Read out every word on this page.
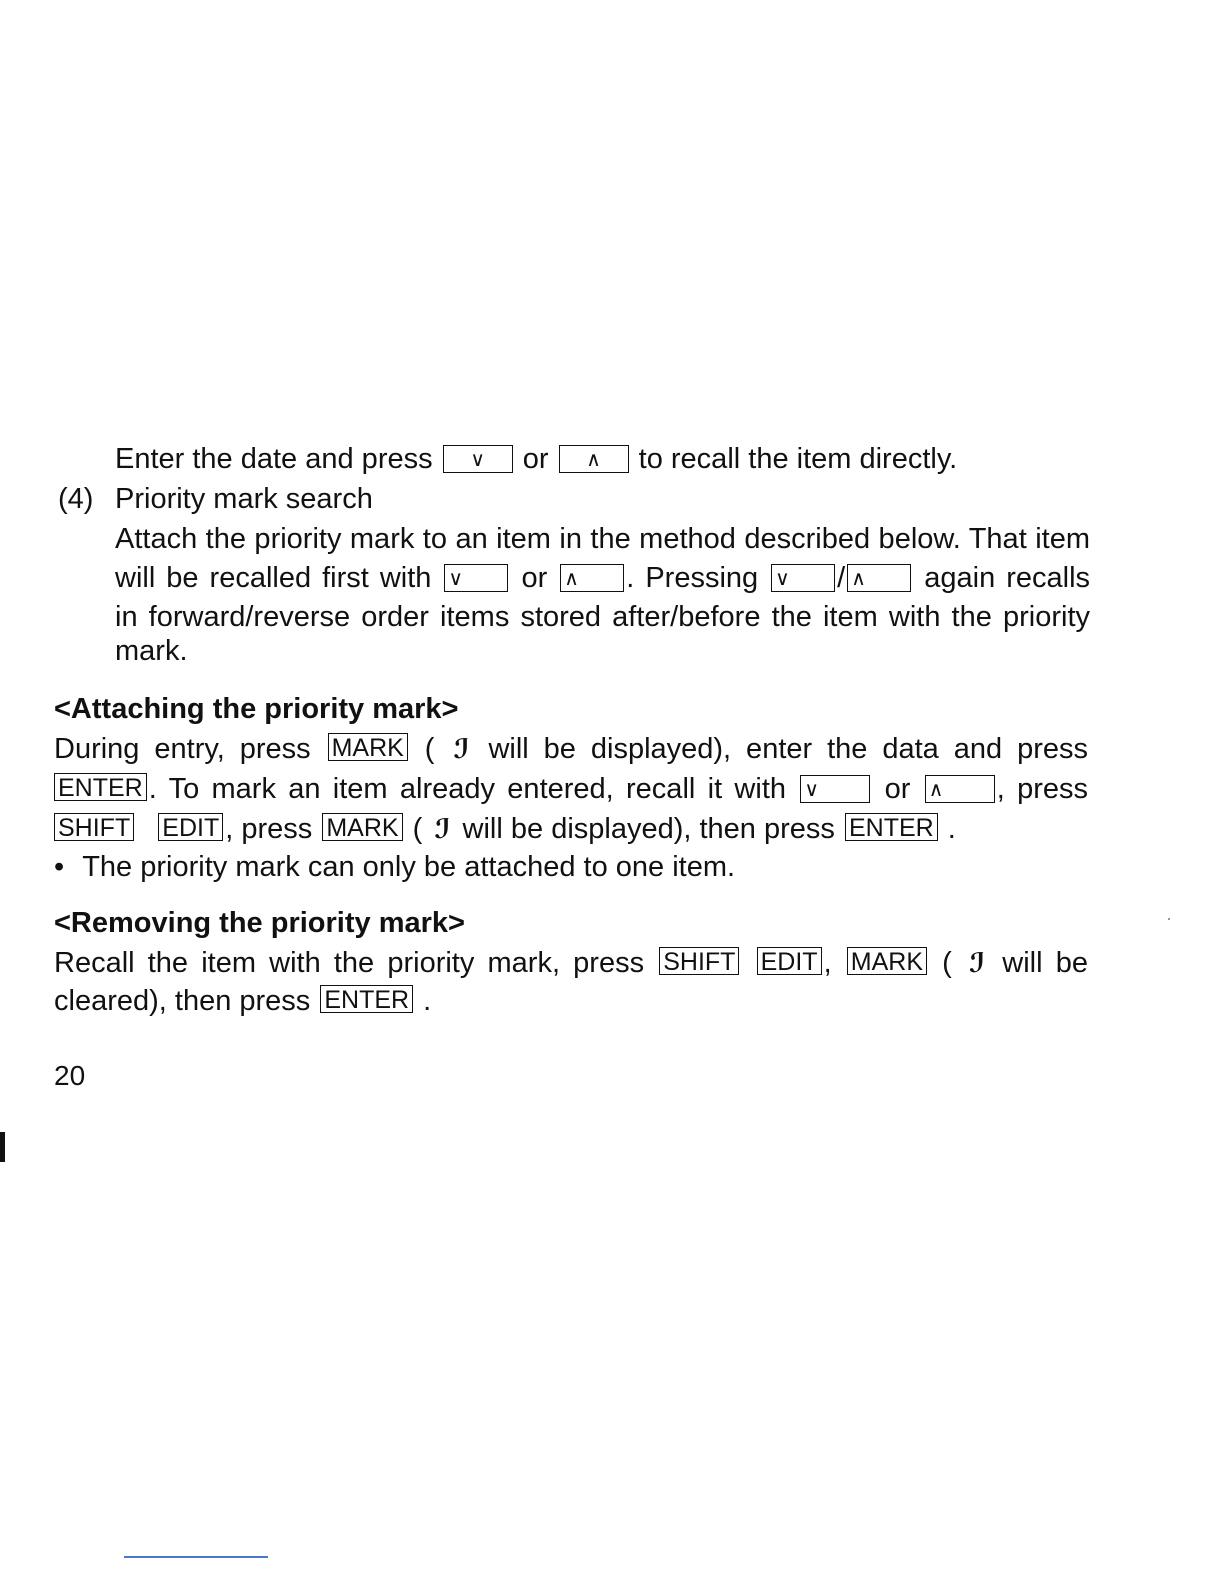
Enter the date and press ∨ or ∧ to recall the item directly.
(4) Priority mark search
Attach the priority mark to an item in the method described below. That item
will be recalled first with ∨ or ∧ . Pressing ∨ / ∧ again recalls
in forward/reverse order items stored after/before the item with the priority
mark.
<Attaching the priority mark>
During entry, press MARK ( ℐ will be displayed), enter the data and press
ENTER . To mark an item already entered, recall it with ∨ or ∧ , press
SHIFT EDIT , press MARK ( ℐ will be displayed), then press ENTER .
• The priority mark can only be attached to one item.
<Removing the priority mark>
Recall the item with the priority mark, press SHIFT EDIT , MARK ( ℐ will be
cleared), then press ENTER .
20
